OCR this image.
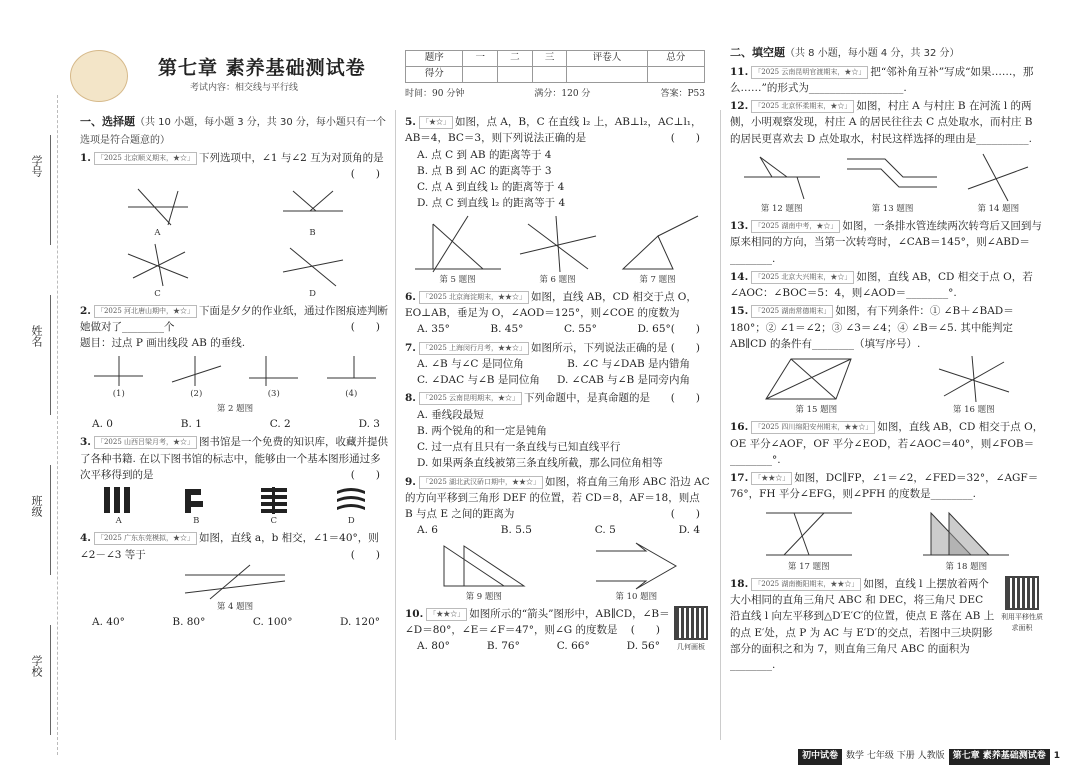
学号
姓名
班级
学校
第七章 素养基础测试卷
考试内容：相交线与平行线
题序	一	二	三	评卷人	总分
得分					
时间：90 分钟	满分：120 分	答案：P53
一、选择题（共 10 小题，每小题 3 分，共 30 分，每小题只有一个选项是符合题意的）
1. 「2025 北京顺义期末，★☆」 下列选项中，∠1 与∠2 互为对顶角的是
(　　)
A	B
C	D
2. 「2025 河北唐山期中，★☆」 下面是夕夕的作业纸，通过作图痕迹判断她做对了________个	(　　)
题目：过点 P 画出线段 AB 的垂线.
(1)	(2)	(3)	(4)
第 2 题图
A. 0	B. 1	C. 2	D. 3
3. 「2025 山西吕梁月考，★☆」 图书馆是一个免费的知识库，收藏并提供了各种书籍. 在以下图书馆的标志中，能够由一个基本图形通过多次平移得到的是	(　　)
A	B	C	D
4. 「2025 广东东莞模拟，★☆」 如图，直线 a，b 相交，∠1＝40°，则∠2－∠3 等于	(　　)
第 4 题图
A. 40°	B. 80°	C. 100°	D. 120°
5. 「★☆」 如图，点 A，B，C 在直线 l₂ 上，AB⊥l₂，AC⊥l₁，AB＝4，BC＝3，则下列说法正确的是	(　　)
A. 点 C 到 AB 的距离等于 4
B. 点 B 到 AC 的距离等于 3
C. 点 A 到直线 l₂ 的距离等于 4
D. 点 C 到直线 l₂ 的距离等于 4
第 5 题图	第 6 题图	第 7 题图
6. 「2025 北京海淀期末，★★☆」 如图，直线 AB，CD 相交于点 O，EO⊥AB，垂足为 O，∠AOD＝125°，则∠COE 的度数为
(　　)
A. 35°	B. 45°	C. 55°	D. 65°
7. 「2025 上海闵行月考，★★☆」 如图所示，下列说法正确的是 (　　)
A. ∠B 与∠C 是同位角	B. ∠C 与∠DAB 是内错角
C. ∠DAC 与∠B 是同位角 D. ∠CAB 与∠B 是同旁内角
8. 「2025 云南昆明期末，★☆」 下列命题中，是真命题的是 (　　)
A. 垂线段最短
B. 两个锐角的和一定是钝角
C. 过一点有且只有一条直线与已知直线平行
D. 如果两条直线被第三条直线所截，那么同位角相等
9. 「2025 湖北武汉硚口期中，★★☆」 如图，将直角三角形 ABC 沿边 AC 的方向平移到三角形 DEF 的位置，若 CD＝8，AF＝18，则点 B 与点 E 之间的距离为	(　　)
A. 6	B. 5.5	C. 5	D. 4
第 9 题图	第 10 题图
10. 「★★☆」 如图所示的“箭头”图形中，AB∥CD，∠B＝∠D＝80°，∠E＝∠F＝47°，则∠G 的度数是 (　　)
A. 80°	B. 76°	C. 66°	D. 56°	几何画板
二、填空题（共 8 小题，每小题 4 分，共 32 分）
11. 「2025 云南昆明官渡期末，★☆」 把“邻补角互补”写成“如果……，那么……”的形式为__________________.
12. 「2025 北京怀柔期末，★☆」 如图，村庄 A 与村庄 B 在河流 l 的两侧，小明观察发现，村庄 A 的居民往往去 C 点处取水，而村庄 B 的居民更喜欢去 D 点处取水，村民这样选择的理由是__________.
第 12 题图	第 13 题图	第 14 题图
13. 「2025 湖南中考，★☆」 如图，一条排水管连续两次转弯后又回到与原来相同的方向，当第一次转弯时，∠CAB＝145°，则∠ABD＝________.
14. 「2025 北京大兴期末，★☆」 如图，直线 AB，CD 相交于点 O，若∠AOC：∠BOC＝5：4，则∠AOD＝________°.
15. 「2025 湖南常德期末」 如图，有下列条件：① ∠B＋∠BAD＝180°；② ∠1＝∠2；③ ∠3＝∠4；④ ∠B＝∠5. 其中能判定 AB∥CD 的条件有________（填写序号）.
第 15 题图	第 16 题图
16. 「2025 四川绵阳安州期末，★★☆」 如图，直线 AB，CD 相交于点 O，OE 平分∠AOF，OF 平分∠EOD，若∠AOC＝40°，则∠FOB＝________°.
17. 「★★☆」 如图，DC∥FP，∠1＝∠2，∠FED＝32°，∠AGF＝76°，FH 平分∠EFG，则∠PFH 的度数是________.
第 17 题图	第 18 题图
18. 「2025 湖南衡阳期末，★★☆」 如图，直线 l 上摆放着两个大小相同的直角三角尺 ABC 和 DEC，将三角尺 DEC 沿直线 l 向左平移到△D′E′C′的位置，使点 E 落在 AB 上的点 E′处，点 P 为 AC 与 E′D′的交点，若图中三块阴影部分的面积之和为 7，则直角三角尺 ABC 的面积为________.
利用平移性质求面积
初中试卷 数学 七年级 下册 人教版 第七章 素养基础测试卷 1
